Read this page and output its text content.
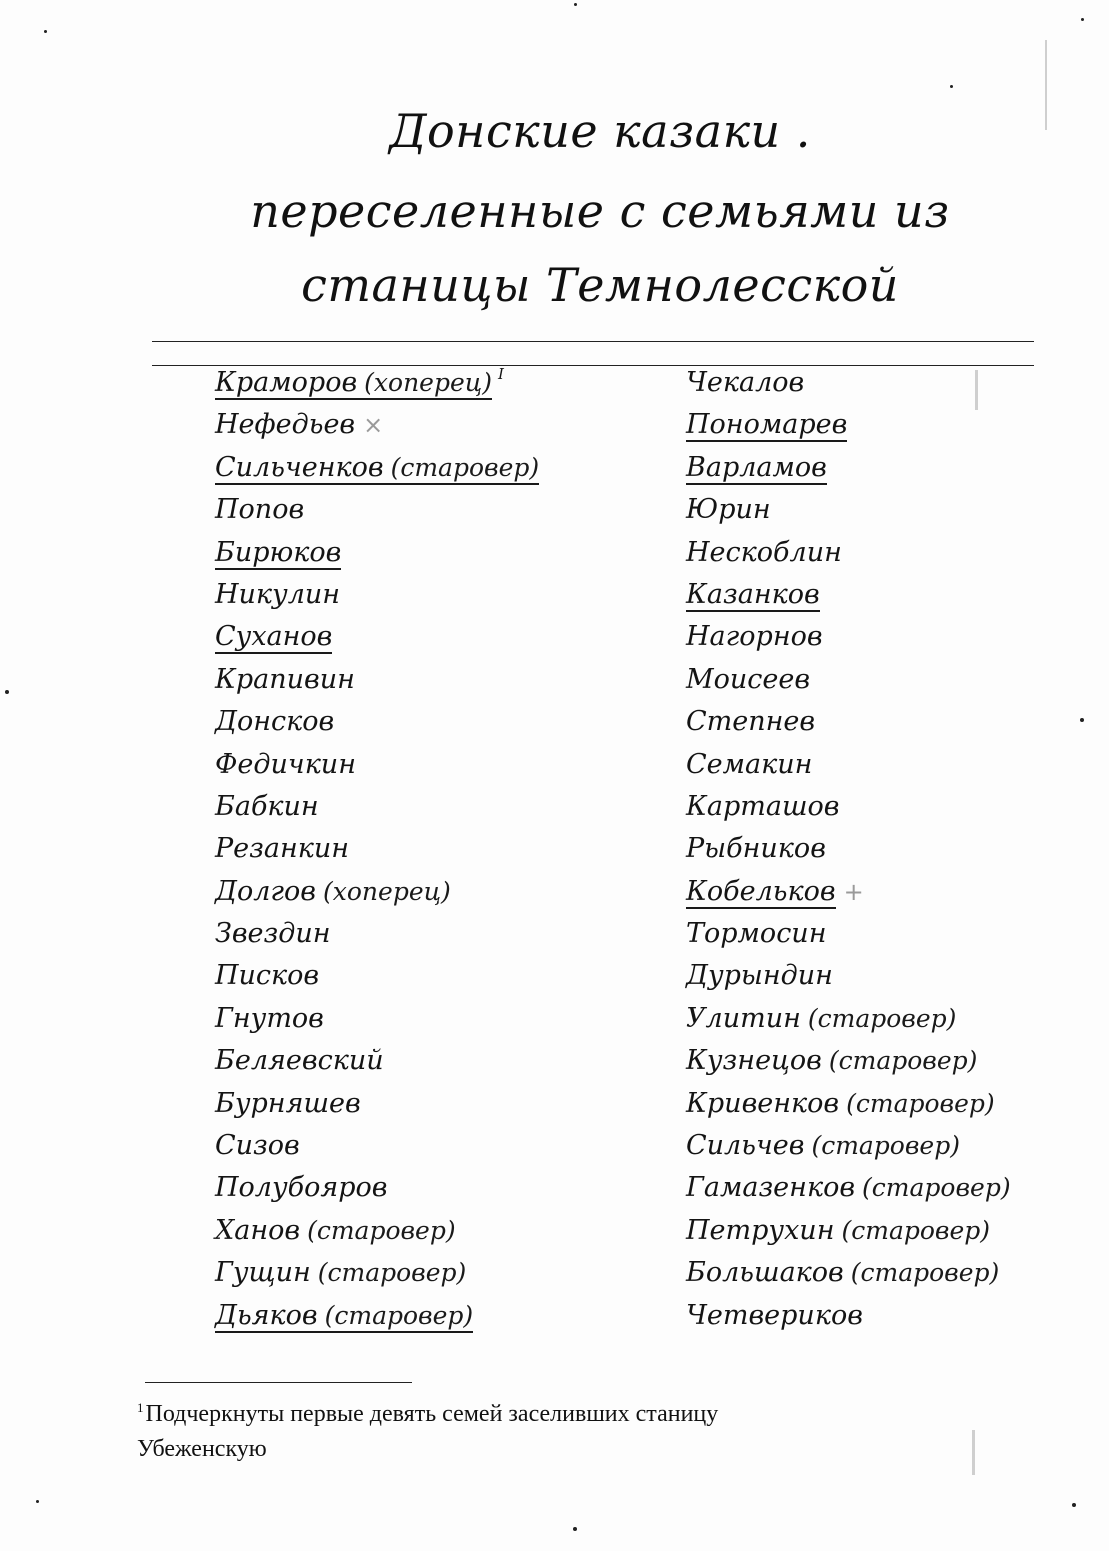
Донские казаки .
переселенные с семьями из
станицы Темнолесской
Краморов (хоперец) $^I$
Нефедьев ×
Сильченков (старовер)
Попов
Бирюков
Никулин
Суханов
Крапивин
Донсков
Федичкин
Бабкин
Резанкин
Долгов (хоперец)
Звездин
Писков
Гнутов
Беляевский
Бурняшев
Сизов
Полубояров
Ханов (старовер)
Гущин (старовер)
Дьяков (старовер)
Чекалов
Пономарев
Варламов
Юрин
Нескоблин
Казанков
Нагорнов
Моисеев
Степнев
Семакин
Карташов
Рыбников
Кобельков +
Тормосин
Дурындин
Улитин (старовер)
Кузнецов (старовер)
Кривенков (старовер)
Сильчев (старовер)
Гамазенков (старовер)
Петрухин (старовер)
Большаков (старовер)
Четвериков
$^1$Подчеркнуты первые девять семей заселивших станицу
Убеженскую
